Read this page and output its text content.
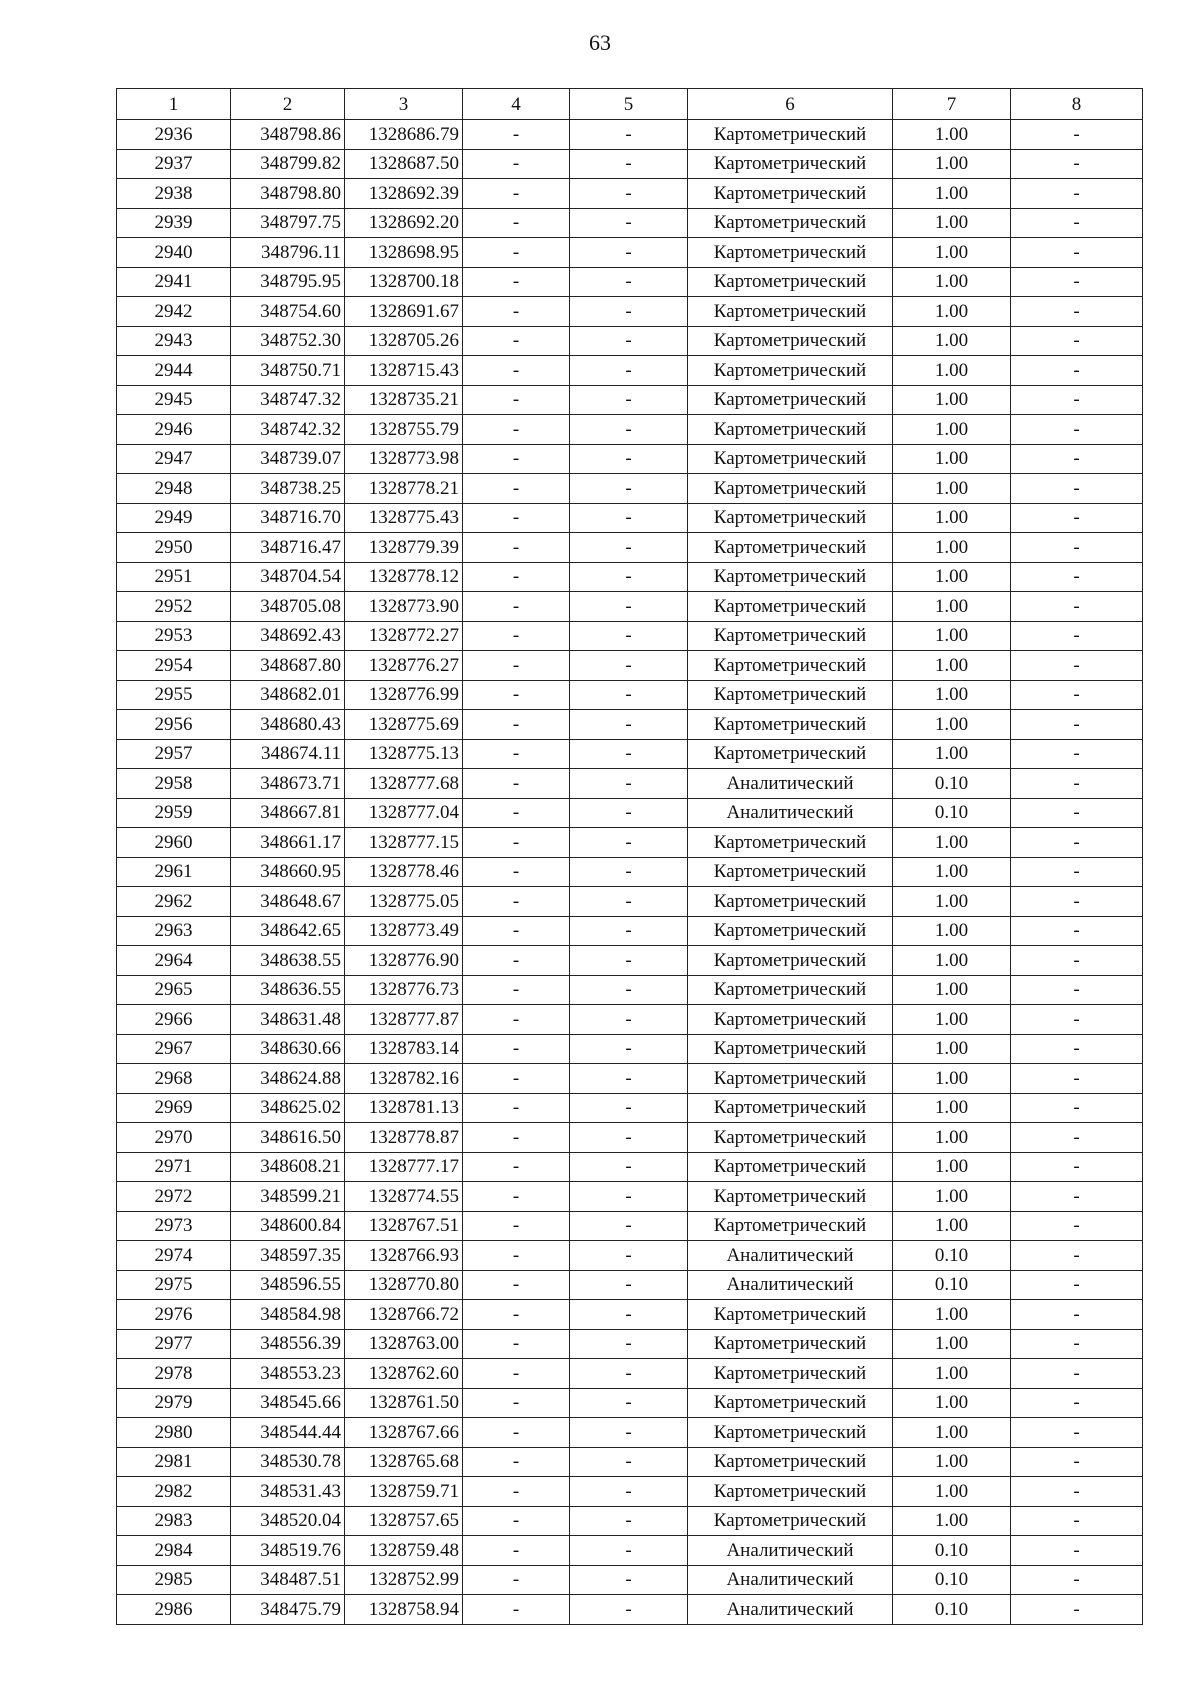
63
1	2	3	4	5	6	7	8
2936	348798.86	1328686.79	-	-	Картометрический	1.00	-
2937	348799.82	1328687.50	-	-	Картометрический	1.00	-
2938	348798.80	1328692.39	-	-	Картометрический	1.00	-
2939	348797.75	1328692.20	-	-	Картометрический	1.00	-
2940	348796.11	1328698.95	-	-	Картометрический	1.00	-
2941	348795.95	1328700.18	-	-	Картометрический	1.00	-
2942	348754.60	1328691.67	-	-	Картометрический	1.00	-
2943	348752.30	1328705.26	-	-	Картометрический	1.00	-
2944	348750.71	1328715.43	-	-	Картометрический	1.00	-
2945	348747.32	1328735.21	-	-	Картометрический	1.00	-
2946	348742.32	1328755.79	-	-	Картометрический	1.00	-
2947	348739.07	1328773.98	-	-	Картометрический	1.00	-
2948	348738.25	1328778.21	-	-	Картометрический	1.00	-
2949	348716.70	1328775.43	-	-	Картометрический	1.00	-
2950	348716.47	1328779.39	-	-	Картометрический	1.00	-
2951	348704.54	1328778.12	-	-	Картометрический	1.00	-
2952	348705.08	1328773.90	-	-	Картометрический	1.00	-
2953	348692.43	1328772.27	-	-	Картометрический	1.00	-
2954	348687.80	1328776.27	-	-	Картометрический	1.00	-
2955	348682.01	1328776.99	-	-	Картометрический	1.00	-
2956	348680.43	1328775.69	-	-	Картометрический	1.00	-
2957	348674.11	1328775.13	-	-	Картометрический	1.00	-
2958	348673.71	1328777.68	-	-	Аналитический	0.10	-
2959	348667.81	1328777.04	-	-	Аналитический	0.10	-
2960	348661.17	1328777.15	-	-	Картометрический	1.00	-
2961	348660.95	1328778.46	-	-	Картометрический	1.00	-
2962	348648.67	1328775.05	-	-	Картометрический	1.00	-
2963	348642.65	1328773.49	-	-	Картометрический	1.00	-
2964	348638.55	1328776.90	-	-	Картометрический	1.00	-
2965	348636.55	1328776.73	-	-	Картометрический	1.00	-
2966	348631.48	1328777.87	-	-	Картометрический	1.00	-
2967	348630.66	1328783.14	-	-	Картометрический	1.00	-
2968	348624.88	1328782.16	-	-	Картометрический	1.00	-
2969	348625.02	1328781.13	-	-	Картометрический	1.00	-
2970	348616.50	1328778.87	-	-	Картометрический	1.00	-
2971	348608.21	1328777.17	-	-	Картометрический	1.00	-
2972	348599.21	1328774.55	-	-	Картометрический	1.00	-
2973	348600.84	1328767.51	-	-	Картометрический	1.00	-
2974	348597.35	1328766.93	-	-	Аналитический	0.10	-
2975	348596.55	1328770.80	-	-	Аналитический	0.10	-
2976	348584.98	1328766.72	-	-	Картометрический	1.00	-
2977	348556.39	1328763.00	-	-	Картометрический	1.00	-
2978	348553.23	1328762.60	-	-	Картометрический	1.00	-
2979	348545.66	1328761.50	-	-	Картометрический	1.00	-
2980	348544.44	1328767.66	-	-	Картометрический	1.00	-
2981	348530.78	1328765.68	-	-	Картометрический	1.00	-
2982	348531.43	1328759.71	-	-	Картометрический	1.00	-
2983	348520.04	1328757.65	-	-	Картометрический	1.00	-
2984	348519.76	1328759.48	-	-	Аналитический	0.10	-
2985	348487.51	1328752.99	-	-	Аналитический	0.10	-
2986	348475.79	1328758.94	-	-	Аналитический	0.10	-
